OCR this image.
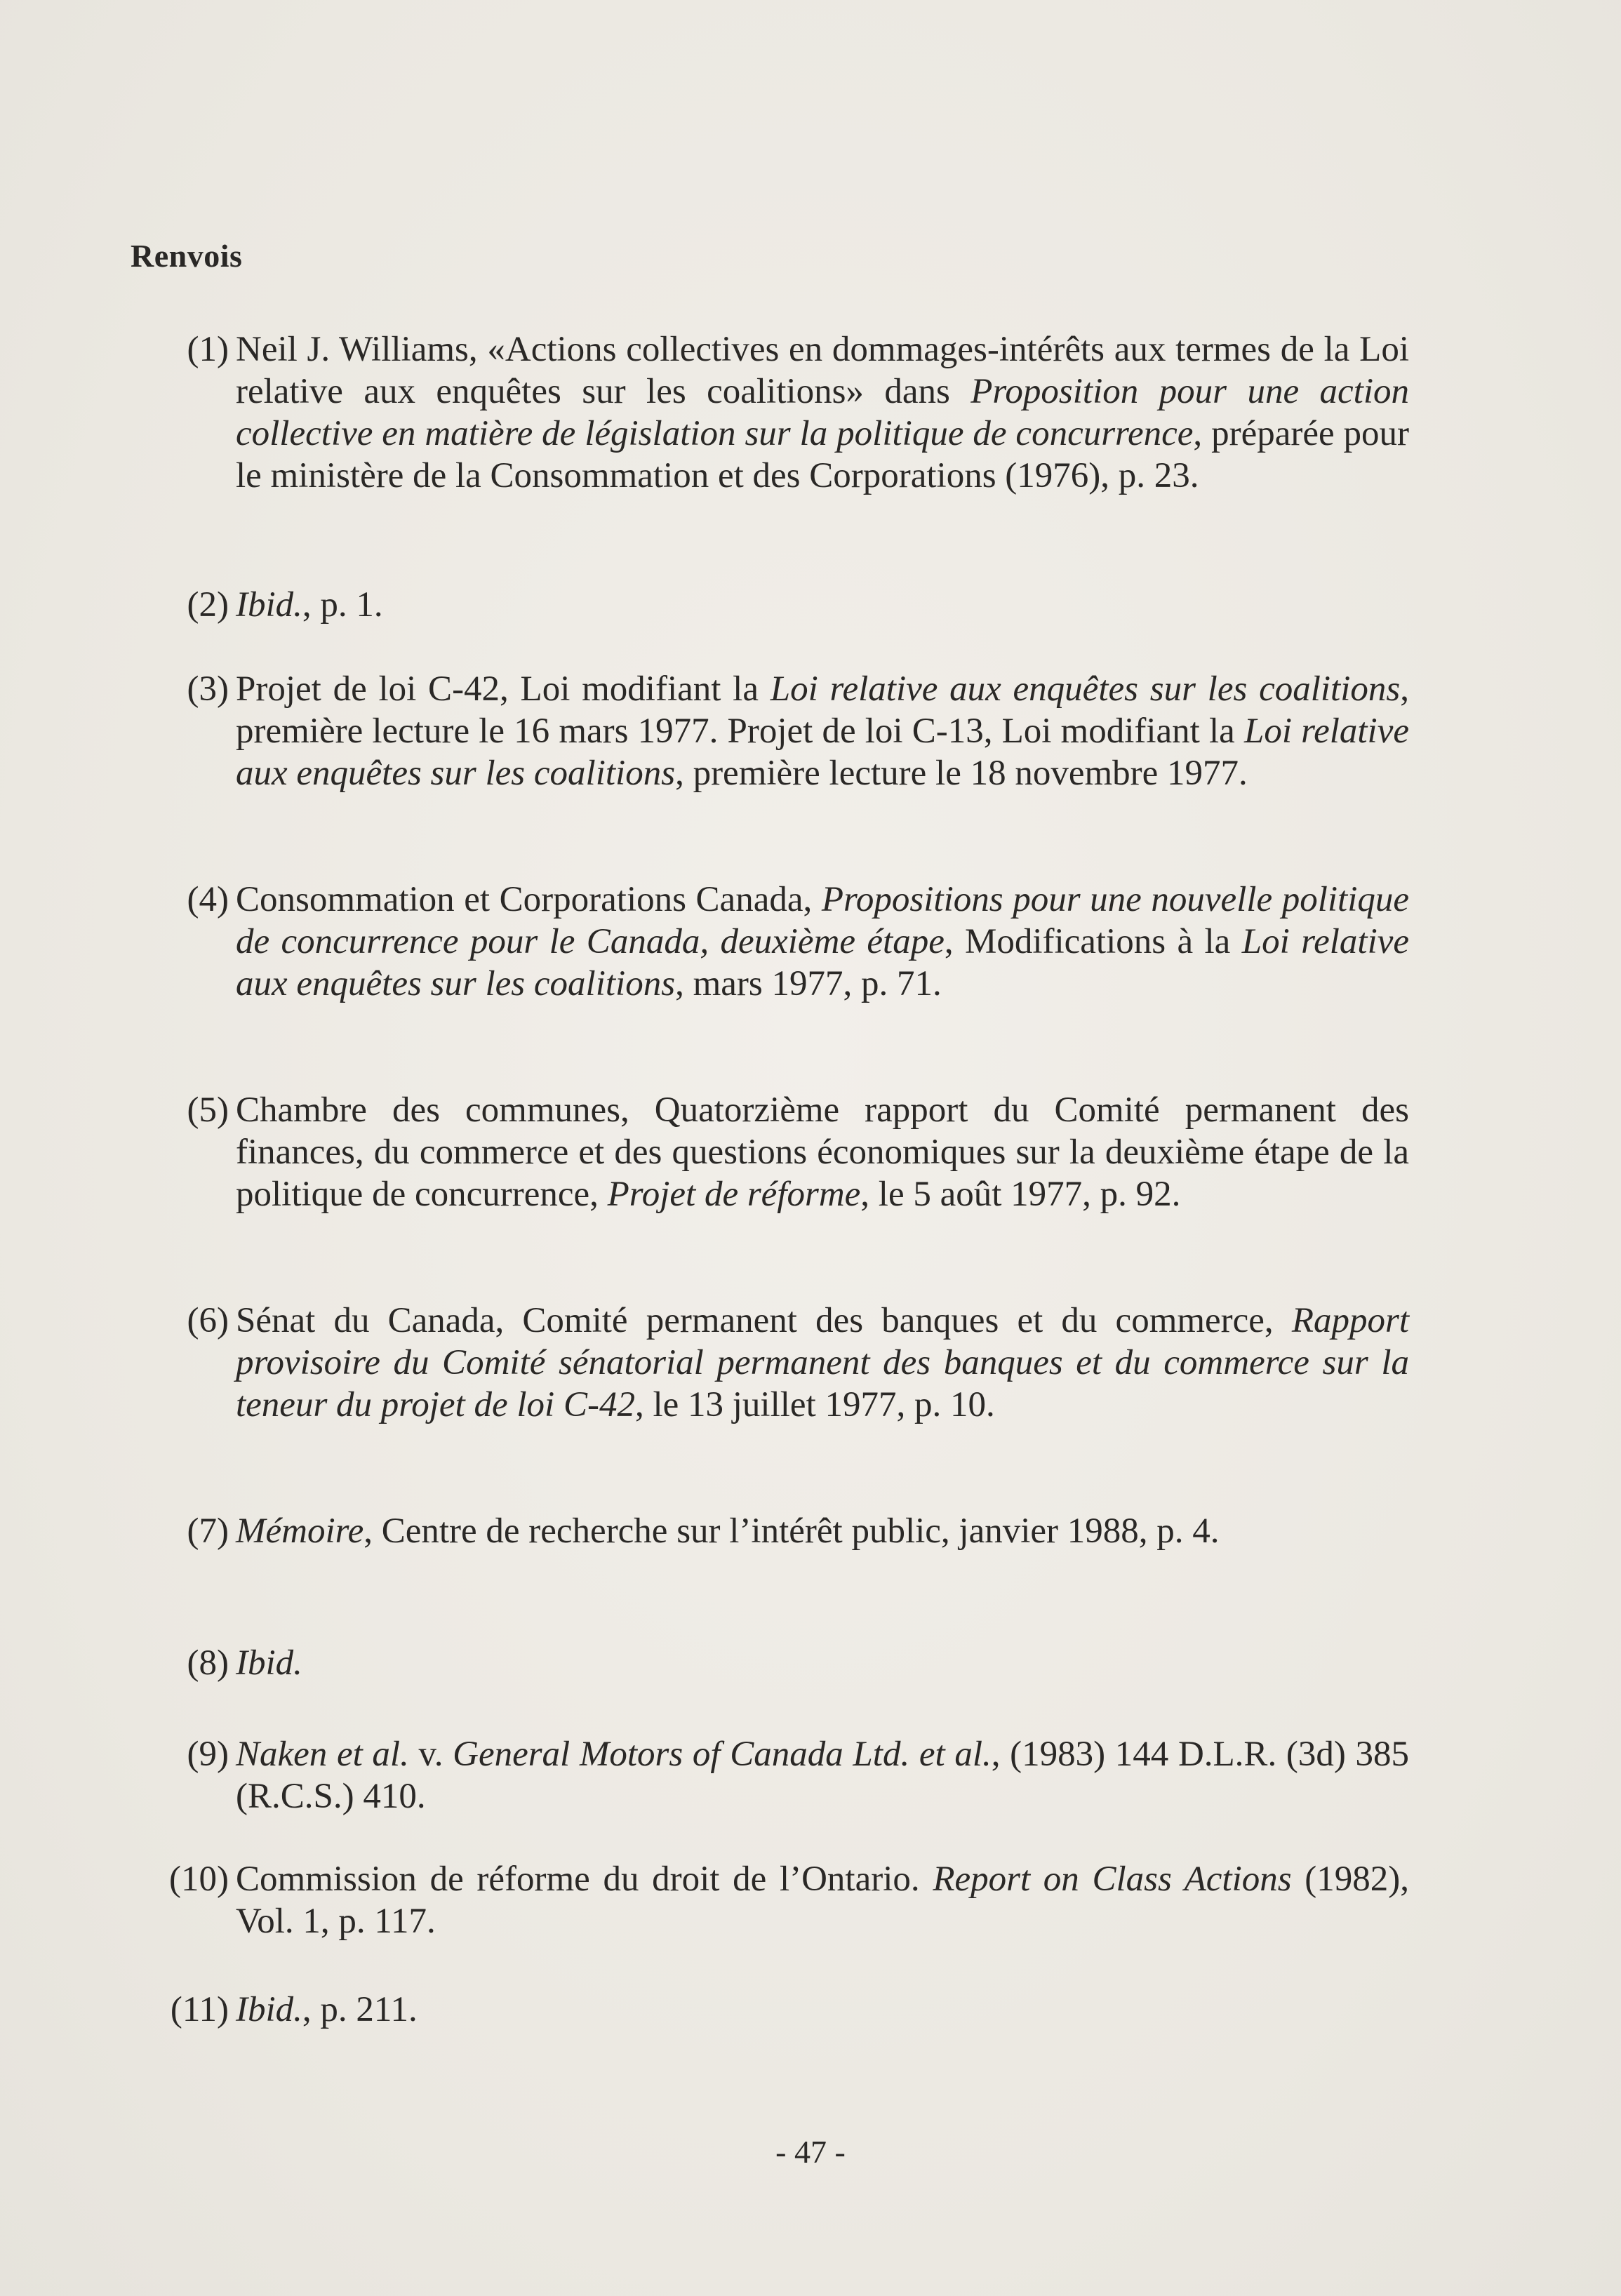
Renvois
(1) Neil J. Williams, «Actions collectives en dommages-intérêts aux termes de la Loi relative aux enquêtes sur les coalitions» dans Proposition pour une action collective en matière de législation sur la politique de concurrence, préparée pour le ministère de la Consommation et des Corporations (1976), p. 23.
(2) Ibid., p. 1.
(3) Projet de loi C-42, Loi modifiant la Loi relative aux enquêtes sur les coalitions, première lecture le 16 mars 1977. Projet de loi C-13, Loi modifiant la Loi relative aux enquêtes sur les coalitions, première lecture le 18 novembre 1977.
(4) Consommation et Corporations Canada, Propositions pour une nouvelle politique de concurrence pour le Canada, deuxième étape, Modifications à la Loi relative aux enquêtes sur les coalitions, mars 1977, p. 71.
(5) Chambre des communes, Quatorzième rapport du Comité permanent des finances, du commerce et des questions économiques sur la deuxième étape de la politique de concurrence, Projet de réforme, le 5 août 1977, p. 92.
(6) Sénat du Canada, Comité permanent des banques et du commerce, Rapport provisoire du Comité sénatorial permanent des banques et du commerce sur la teneur du projet de loi C-42, le 13 juillet 1977, p. 10.
(7) Mémoire, Centre de recherche sur l’intérêt public, janvier 1988, p. 4.
(8) Ibid.
(9) Naken et al. v. General Motors of Canada Ltd. et al., (1983) 144 D.L.R. (3d) 385 (R.C.S.) 410.
(10) Commission de réforme du droit de l’Ontario. Report on Class Actions (1982), Vol. 1, p. 117.
(11) Ibid., p. 211.
- 47 -
